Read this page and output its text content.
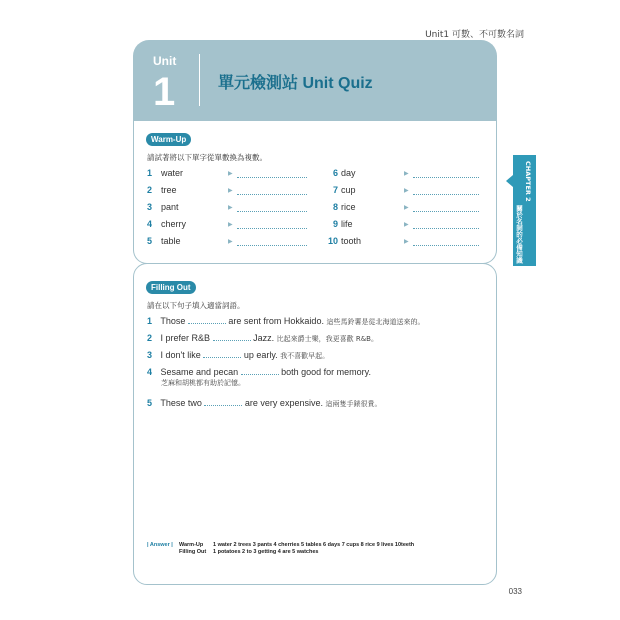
Unit1 可數、不可數名詞
Unit
1	單元檢測站 Unit Quiz
Warm-Up
請試著將以下單字從單數換為複數。
1 water	▶
2 tree	▶
3 pant	▶
4 cherry	▶
5 table	▶
6 day	▶
7 cup	▶
8 rice	▶
9 life	▶
10 tooth	▶
Filling Out
請在以下句子填入適當詞語。
1 Those	are sent from Hokkaido. 這些馬鈴薯是從北海道送來的。
2 I prefer R&B	Jazz. 比起來爵士樂，我更喜歡 R&B。
3 I don't like	up early. 我不喜歡早起。
4 Sesame and pecan	both good for memory.
芝麻和胡桃都有助於記憶。
5 These two	are very expensive. 這兩隻手錶很貴。
CHAPTER 2
關於名詞的必備知識
| Answer |	Warm-Up	1 water 2 trees 3 pants 4 cherries 5 tables 6 days 7 cups 8 rice 9 lives 10teeth
Filling Out	1 potatoes 2 to 3 getting 4 are 5 watches
033
